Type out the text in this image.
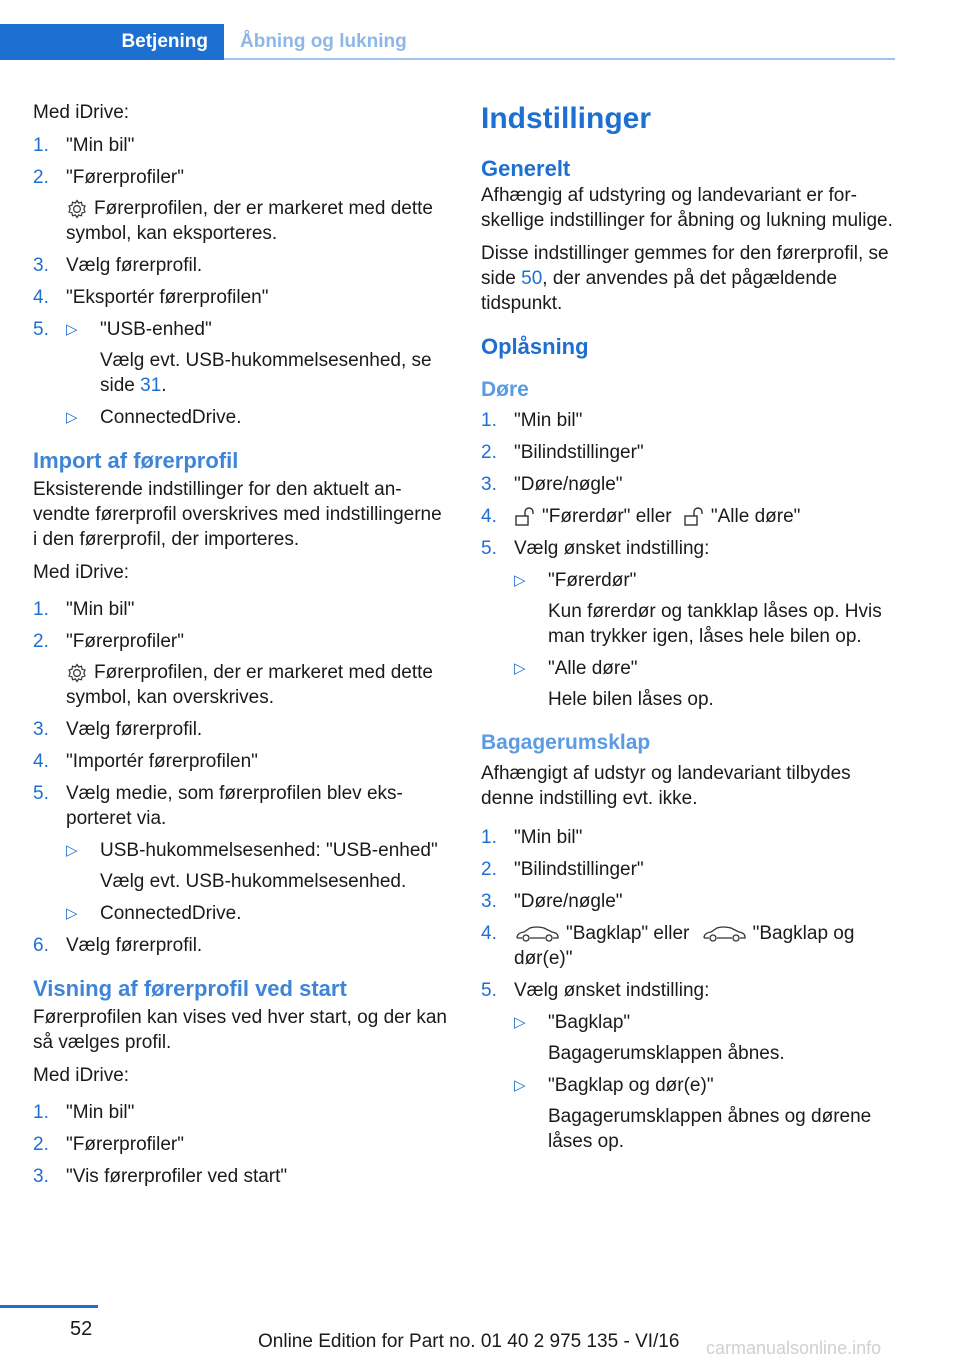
Betjening	Åbning og lukning

Med iDrive:

1. "Min bil"
2. "Førerprofiler"
Førerprofilen, der er markeret med dette symbol, kan eksporteres.
3. Vælg førerprofil.
4. "Eksportér førerprofilen"
5. ▷ "USB-enhed"
Vælg evt. USB-hukommelsesenhed, se side 31.
▷ ConnectedDrive.
Import af førerprofil

Eksisterende indstillinger for den aktuelt anvendte førerprofil overskrives med indstillingerne i den førerprofil, der importeres.

Med iDrive:

1. "Min bil"
2. "Førerprofiler"
Førerprofilen, der er markeret med dette symbol, kan overskrives.
3. Vælg førerprofil.
4. "Importér førerprofilen"
5. Vælg medie, som førerprofilen blev eksporteret via.
▷ USB-hukommelsesenhed: "USB-enhed"
Vælg evt. USB-hukommelsesenhed.
▷ ConnectedDrive.
6. Vælg førerprofil.
Visning af førerprofil ved start

Førerprofilen kan vises ved hver start, og der kan så vælges profil.

Med iDrive:

1. "Min bil"
2. "Førerprofiler"
3. "Vis førerprofiler ved start"
Indstillinger
Generelt

Afhængig af udstyring og landevariant er forskellige indstillinger for åbning og lukning mulige.

Disse indstillinger gemmes for den førerprofil, se side 50, der anvendes på det pågældende tidspunkt.

Oplåsning
Døre
1. "Min bil"
2. "Bilindstillinger"
3. "Døre/nøgle"
4. "Førerdør" eller "Alle døre"
5. Vælg ønsket indstilling:
▷ "Førerdør"
Kun førerdør og tankklap låses op. Hvis man trykker igen, låses hele bilen op.
▷ "Alle døre"
Hele bilen låses op.
Bagagerumsklap

Afhængigt af udstyr og landevariant tilbydes denne indstilling evt. ikke.

1. "Min bil"
2. "Bilindstillinger"
3. "Døre/nøgle"
4.	"Bagklap" eller	"Bagklap og dør(e)"
5. Vælg ønsket indstilling:
▷ "Bagklap"
Bagagerumsklappen åbnes.
▷ "Bagklap og dør(e)"
Bagagerumsklappen åbnes og dørene låses op.
52
Online Edition for Part no. 01 40 2 975 135 - VI/16 carmanualsonline.info
